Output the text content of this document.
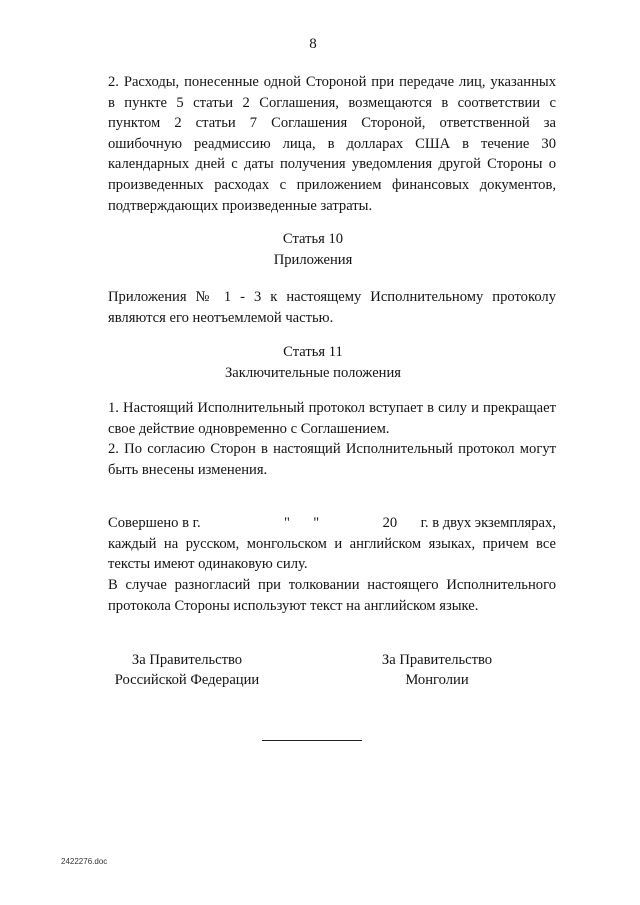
8

2. Расходы, понесенные одной Стороной при передаче лиц, указанных в пункте 5 статьи 2 Соглашения, возмещаются в соответствии с пунктом 2 статьи 7 Соглашения Стороной, ответственной за ошибочную реадмиссию лица, в долларах США в течение 30 календарных дней с даты получения уведомления другой Стороны о произведенных расходах с приложением финансовых документов, подтверждающих произведенные затраты.

Статья 10
Приложения

Приложения № 1 - 3 к настоящему Исполнительному протоколу являются его неотъемлемой частью.

Статья 11
Заключительные положения

1. Настоящий Исполнительный протокол вступает в силу и прекращает свое действие одновременно с Соглашением.

2. По согласию Сторон в настоящий Исполнительный протокол могут быть внесены изменения.

Совершено в г.	" "	20 г. в двух экземплярах,
каждый на русском, монгольском и английском языках, причем все тексты имеют одинаковую силу.

В случае разногласий при толковании настоящего Исполнительного протокола Стороны используют текст на английском языке.

За Правительство
Российской Федерации
За Правительство
Монголии
2422276.doc
